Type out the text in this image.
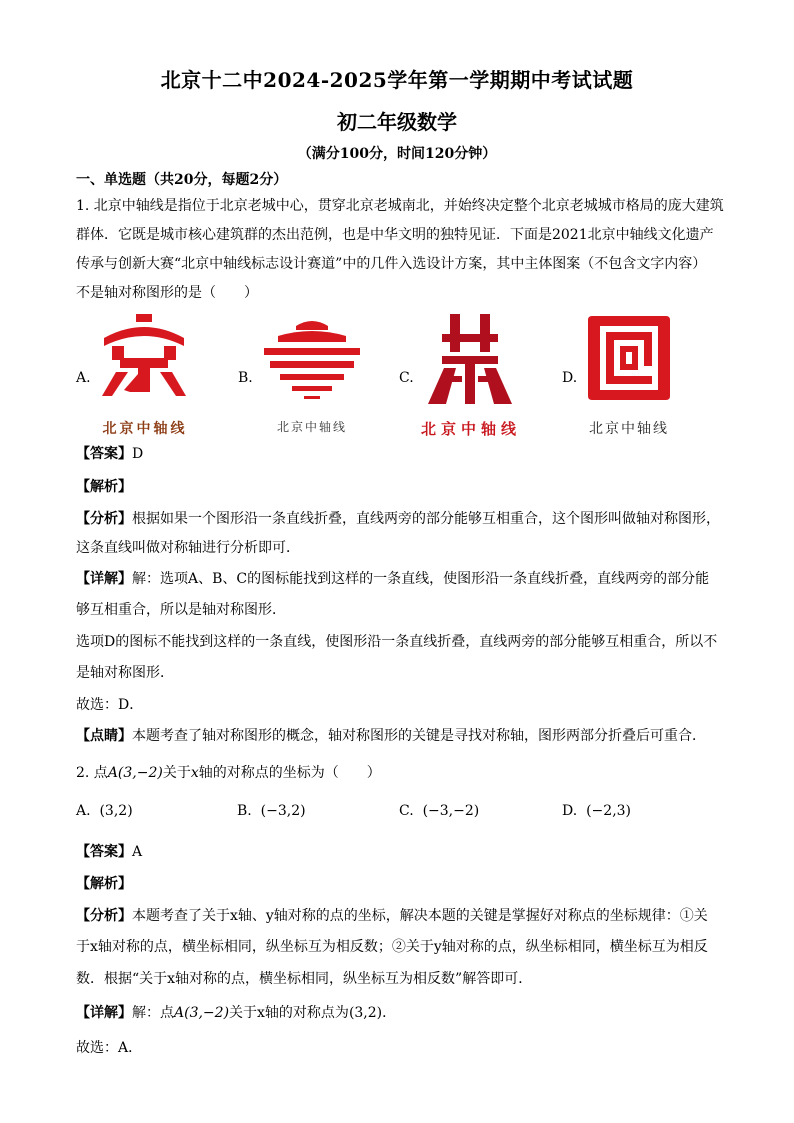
北京十二中2024-2025学年第一学期期中考试试题
初二年级数学
（满分100分，时间120分钟）
一、单选题（共20分，每题2分）

1. 北京中轴线是指位于北京老城中心，贯穿北京老城南北，并始终决定整个北京老城城市格局的庞大建筑

群体．它既是城市核心建筑群的杰出范例，也是中华文明的独特见证．下面是2021北京中轴线文化遗产

传承与创新大赛“北京中轴线标志设计赛道”中的几件入选设计方案，其中主体图案（不包含文字内容）

不是轴对称图形的是（　　）

A.
北京中轴线
B.
北京中轴线
C.
北京中轴线
D.
北京中轴线

【答案】D

【解析】

【分析】根据如果一个图形沿一条直线折叠，直线两旁的部分能够互相重合，这个图形叫做轴对称图形，

这条直线叫做对称轴进行分析即可．

【详解】解：选项A、B、C的图标能找到这样的一条直线，使图形沿一条直线折叠，直线两旁的部分能

够互相重合，所以是轴对称图形．

选项D的图标不能找到这样的一条直线，使图形沿一条直线折叠，直线两旁的部分能够互相重合，所以不

是轴对称图形．

故选：D．

【点睛】本题考查了轴对称图形的概念，轴对称图形的关键是寻找对称轴，图形两部分折叠后可重合．

2. 点A(3,−2)关于x轴的对称点的坐标为（　　）

A. (3,2)	B. (−3,2)	C. (−3,−2)	D. (−2,3)

【答案】A

【解析】

【分析】本题考查了关于x轴、y轴对称的点的坐标，解决本题的关键是掌握好对称点的坐标规律：①关

于x轴对称的点，横坐标相同，纵坐标互为相反数；②关于y轴对称的点，纵坐标相同，横坐标互为相反

数．根据“关于x轴对称的点，横坐标相同，纵坐标互为相反数”解答即可．

【详解】解：点A(3,−2)关于x轴的对称点为(3,2)．

故选：A．
